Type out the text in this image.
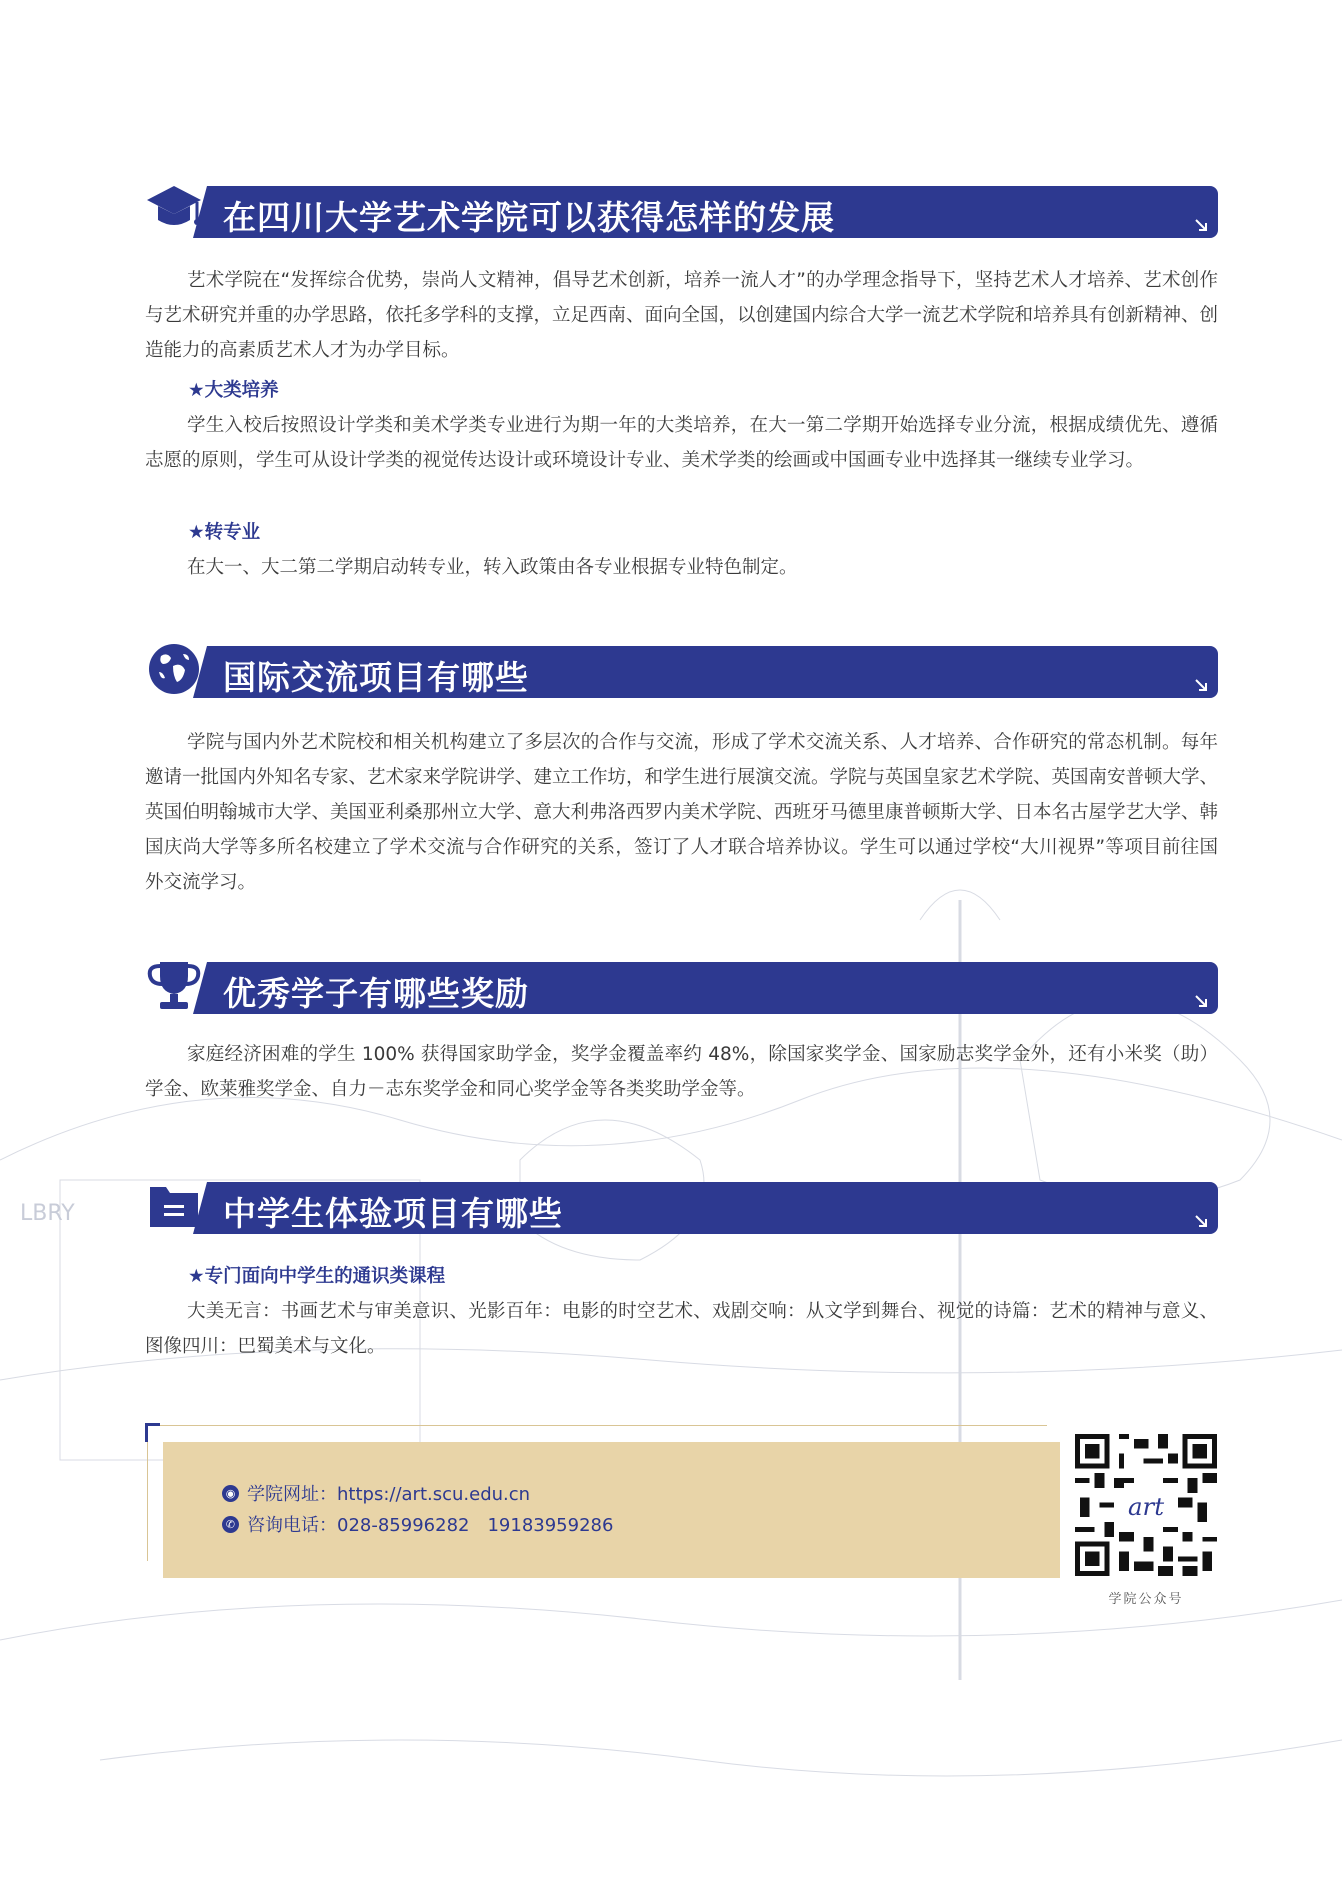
LBRY
在四川大学艺术学院可以获得怎样的发展

艺术学院在“发挥综合优势，崇尚人文精神，倡导艺术创新，培养一流人才”的办学理念指导下，坚持艺术人才培养、艺术创作与艺术研究并重的办学思路，依托多学科的支撑，立足西南、面向全国，以创建国内综合大学一流艺术学院和培养具有创新精神、创造能力的高素质艺术人才为办学目标。

★大类培养

学生入校后按照设计学类和美术学类专业进行为期一年的大类培养，在大一第二学期开始选择专业分流，根据成绩优先、遵循志愿的原则，学生可从设计学类的视觉传达设计或环境设计专业、美术学类的绘画或中国画专业中选择其一继续专业学习。

★转专业

在大一、大二第二学期启动转专业，转入政策由各专业根据专业特色制定。

国际交流项目有哪些

学院与国内外艺术院校和相关机构建立了多层次的合作与交流，形成了学术交流关系、人才培养、合作研究的常态机制。每年邀请一批国内外知名专家、艺术家来学院讲学、建立工作坊，和学生进行展演交流。学院与英国皇家艺术学院、英国南安普顿大学、英国伯明翰城市大学、美国亚利桑那州立大学、意大利弗洛西罗内美术学院、西班牙马德里康普顿斯大学、日本名古屋学艺大学、韩国庆尚大学等多所名校建立了学术交流与合作研究的关系，签订了人才联合培养协议。学生可以通过学校“大川视界”等项目前往国外交流学习。

优秀学子有哪些奖励

家庭经济困难的学生 100% 获得国家助学金，奖学金覆盖率约 48%，除国家奖学金、国家励志奖学金外，还有小米奖（助）学金、欧莱雅奖学金、自力－志东奖学金和同心奖学金等各类奖助学金等。

中学生体验项目有哪些
★专门面向中学生的通识类课程

大美无言：书画艺术与审美意识、光影百年：电影的时空艺术、戏剧交响：从文学到舞台、视觉的诗篇：艺术的精神与意义、图像四川：巴蜀美术与文化。

◉ 学院网址：https://art.scu.edu.cn
✆ 咨询电话：028-85996282　19183959286
art
学院公众号
